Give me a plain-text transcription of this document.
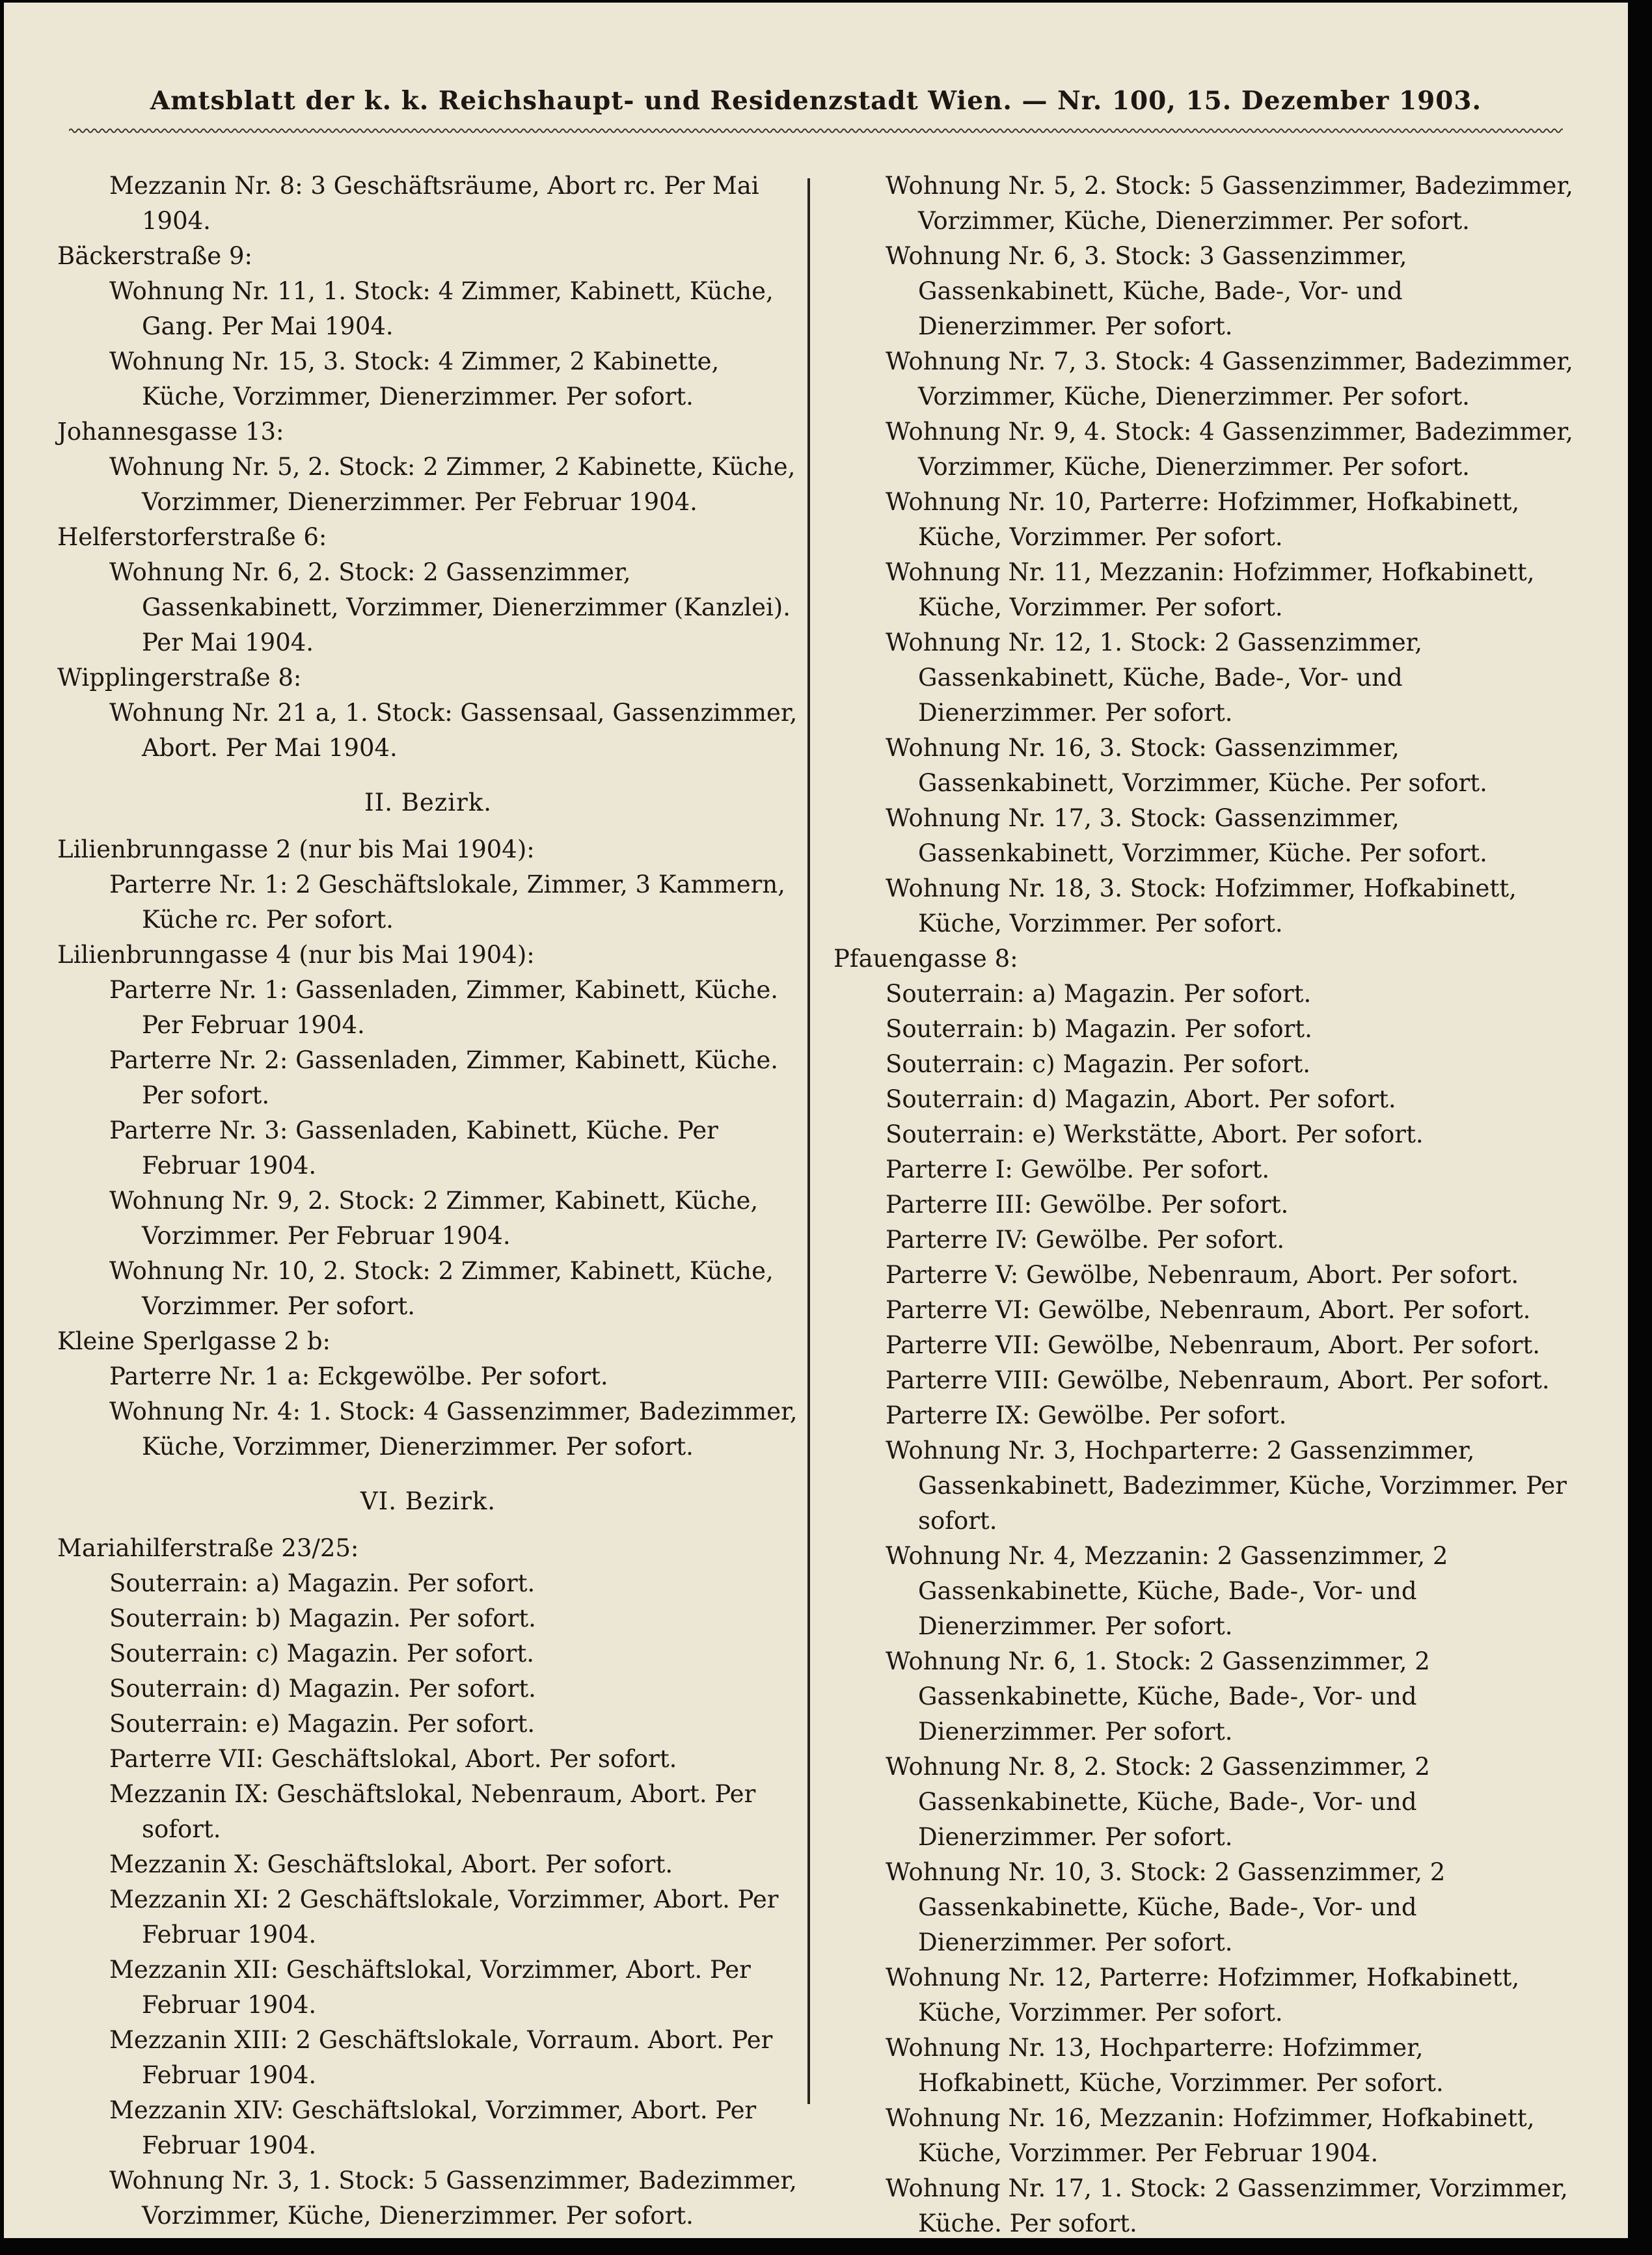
Amtsblatt der k. k. Reichshaupt- und Residenzstadt Wien. — Nr. 100, 15. Dezember 1903.

Mezzanin Nr. 8: 3 Geschäftsräume, Abort rc. Per Mai 1904.

Bäckerstraße 9:

Wohnung Nr. 11, 1. Stock: 4 Zimmer, Kabinett, Küche, Gang. Per Mai 1904.

Wohnung Nr. 15, 3. Stock: 4 Zimmer, 2 Kabinette, Küche, Vorzimmer, Dienerzimmer. Per sofort.

Johannesgasse 13:

Wohnung Nr. 5, 2. Stock: 2 Zimmer, 2 Kabinette, Küche, Vorzimmer, Dienerzimmer. Per Februar 1904.

Helferstorferstraße 6:

Wohnung Nr. 6, 2. Stock: 2 Gassenzimmer, Gassenkabinett, Vorzimmer, Dienerzimmer (Kanzlei). Per Mai 1904.

Wipplingerstraße 8:

Wohnung Nr. 21 a, 1. Stock: Gassensaal, Gassenzimmer, Abort. Per Mai 1904.

II. Bezirk.

Lilienbrunngasse 2 (nur bis Mai 1904):

Parterre Nr. 1: 2 Geschäftslokale, Zimmer, 3 Kammern, Küche rc. Per sofort.

Lilienbrunngasse 4 (nur bis Mai 1904):

Parterre Nr. 1: Gassenladen, Zimmer, Kabinett, Küche. Per Februar 1904.

Parterre Nr. 2: Gassenladen, Zimmer, Kabinett, Küche. Per sofort.

Parterre Nr. 3: Gassenladen, Kabinett, Küche. Per Februar 1904.

Wohnung Nr. 9, 2. Stock: 2 Zimmer, Kabinett, Küche, Vorzimmer. Per Februar 1904.

Wohnung Nr. 10, 2. Stock: 2 Zimmer, Kabinett, Küche, Vorzimmer. Per sofort.

Kleine Sperlgasse 2 b:

Parterre Nr. 1 a: Eckgewölbe. Per sofort.

Wohnung Nr. 4: 1. Stock: 4 Gassenzimmer, Badezimmer, Küche, Vorzimmer, Dienerzimmer. Per sofort.

VI. Bezirk.

Mariahilferstraße 23/25:

Souterrain: a) Magazin. Per sofort.

Souterrain: b) Magazin. Per sofort.

Souterrain: c) Magazin. Per sofort.

Souterrain: d) Magazin. Per sofort.

Souterrain: e) Magazin. Per sofort.

Parterre VII: Geschäftslokal, Abort. Per sofort.

Mezzanin IX: Geschäftslokal, Nebenraum, Abort. Per sofort.

Mezzanin X: Geschäftslokal, Abort. Per sofort.

Mezzanin XI: 2 Geschäftslokale, Vorzimmer, Abort. Per Februar 1904.

Mezzanin XII: Geschäftslokal, Vorzimmer, Abort. Per Februar 1904.

Mezzanin XIII: 2 Geschäftslokale, Vorraum. Abort. Per Februar 1904.

Mezzanin XIV: Geschäftslokal, Vorzimmer, Abort. Per Februar 1904.

Wohnung Nr. 3, 1. Stock: 5 Gassenzimmer, Badezimmer, Vorzimmer, Küche, Dienerzimmer. Per sofort.

Wohnung Nr. 5, 2. Stock: 5 Gassenzimmer, Badezimmer, Vorzimmer, Küche, Dienerzimmer. Per sofort.

Wohnung Nr. 6, 3. Stock: 3 Gassenzimmer, Gassenkabinett, Küche, Bade-, Vor- und Dienerzimmer. Per sofort.

Wohnung Nr. 7, 3. Stock: 4 Gassenzimmer, Badezimmer, Vorzimmer, Küche, Dienerzimmer. Per sofort.

Wohnung Nr. 9, 4. Stock: 4 Gassenzimmer, Badezimmer, Vorzimmer, Küche, Dienerzimmer. Per sofort.

Wohnung Nr. 10, Parterre: Hofzimmer, Hofkabinett, Küche, Vorzimmer. Per sofort.

Wohnung Nr. 11, Mezzanin: Hofzimmer, Hofkabinett, Küche, Vorzimmer. Per sofort.

Wohnung Nr. 12, 1. Stock: 2 Gassenzimmer, Gassenkabinett, Küche, Bade-, Vor- und Dienerzimmer. Per sofort.

Wohnung Nr. 16, 3. Stock: Gassenzimmer, Gassenkabinett, Vorzimmer, Küche. Per sofort.

Wohnung Nr. 17, 3. Stock: Gassenzimmer, Gassenkabinett, Vorzimmer, Küche. Per sofort.

Wohnung Nr. 18, 3. Stock: Hofzimmer, Hofkabinett, Küche, Vorzimmer. Per sofort.

Pfauengasse 8:

Souterrain: a) Magazin. Per sofort.

Souterrain: b) Magazin. Per sofort.

Souterrain: c) Magazin. Per sofort.

Souterrain: d) Magazin, Abort. Per sofort.

Souterrain: e) Werkstätte, Abort. Per sofort.

Parterre I: Gewölbe. Per sofort.

Parterre III: Gewölbe. Per sofort.

Parterre IV: Gewölbe. Per sofort.

Parterre V: Gewölbe, Nebenraum, Abort. Per sofort.

Parterre VI: Gewölbe, Nebenraum, Abort. Per sofort.

Parterre VII: Gewölbe, Nebenraum, Abort. Per sofort.

Parterre VIII: Gewölbe, Nebenraum, Abort. Per sofort.

Parterre IX: Gewölbe. Per sofort.

Wohnung Nr. 3, Hochparterre: 2 Gassenzimmer, Gassenkabinett, Badezimmer, Küche, Vorzimmer. Per sofort.

Wohnung Nr. 4, Mezzanin: 2 Gassenzimmer, 2 Gassenkabinette, Küche, Bade-, Vor- und Dienerzimmer. Per sofort.

Wohnung Nr. 6, 1. Stock: 2 Gassenzimmer, 2 Gassenkabinette, Küche, Bade-, Vor- und Dienerzimmer. Per sofort.

Wohnung Nr. 8, 2. Stock: 2 Gassenzimmer, 2 Gassenkabinette, Küche, Bade-, Vor- und Dienerzimmer. Per sofort.

Wohnung Nr. 10, 3. Stock: 2 Gassenzimmer, 2 Gassenkabinette, Küche, Bade-, Vor- und Dienerzimmer. Per sofort.

Wohnung Nr. 12, Parterre: Hofzimmer, Hofkabinett, Küche, Vorzimmer. Per sofort.

Wohnung Nr. 13, Hochparterre: Hofzimmer, Hofkabinett, Küche, Vorzimmer. Per sofort.

Wohnung Nr. 16, Mezzanin: Hofzimmer, Hofkabinett, Küche, Vorzimmer. Per Februar 1904.

Wohnung Nr. 17, 1. Stock: 2 Gassenzimmer, Vorzimmer, Küche. Per sofort.
